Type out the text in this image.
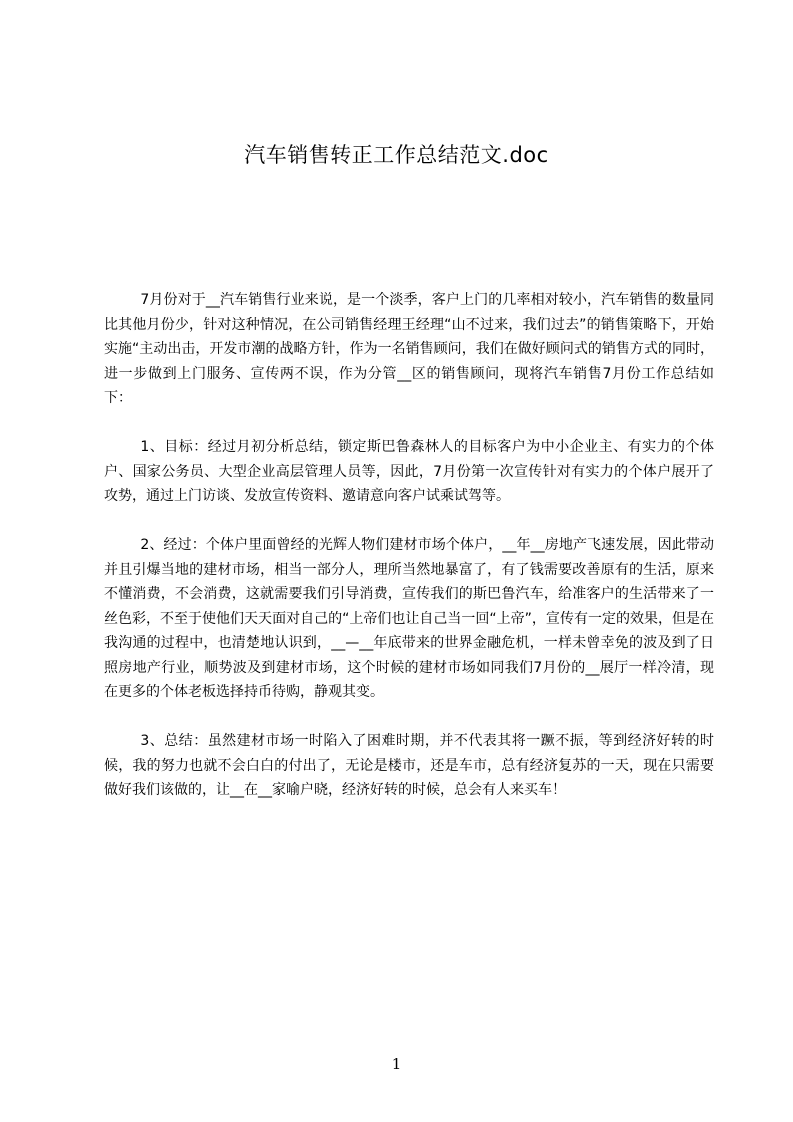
汽车销售转正工作总结范文.doc

7月份对于__汽车销售行业来说，是一个淡季，客户上门的几率相对较小，汽车销售的数量同比其他月份少，针对这种情况，在公司销售经理王经理“山不过来，我们过去”的销售策略下，开始实施“主动出击，开发市潮的战略方针，作为一名销售顾问，我们在做好顾问式的销售方式的同时，进一步做到上门服务、宣传两不误，作为分管__区的销售顾问，现将汽车销售7月份工作总结如下：

1、目标：经过月初分析总结，锁定斯巴鲁森林人的目标客户为中小企业主、有实力的个体户、国家公务员、大型企业高层管理人员等，因此，7月份第一次宣传针对有实力的个体户展开了攻势，通过上门访谈、发放宣传资料、邀请意向客户试乘试驾等。

2、经过：个体户里面曾经的光辉人物们建材市场个体户，__年__房地产飞速发展，因此带动并且引爆当地的建材市场，相当一部分人，理所当然地暴富了，有了钱需要改善原有的生活，原来不懂消费，不会消费，这就需要我们引导消费，宣传我们的斯巴鲁汽车，给准客户的生活带来了一丝色彩，不至于使他们天天面对自己的“上帝们也让自己当一回“上帝”，宣传有一定的效果，但是在我沟通的过程中，也清楚地认识到，__—__年底带来的世界金融危机，一样未曾幸免的波及到了日照房地产行业，顺势波及到建材市场，这个时候的建材市场如同我们7月份的__展厅一样冷清，现在更多的个体老板选择持币待购，静观其变。

3、总结：虽然建材市场一时陷入了困难时期，并不代表其将一蹶不振，等到经济好转的时候，我的努力也就不会白白的付出了，无论是楼市，还是车市，总有经济复苏的一天，现在只需要做好我们该做的，让__在__家喻户晓，经济好转的时候，总会有人来买车！

1
